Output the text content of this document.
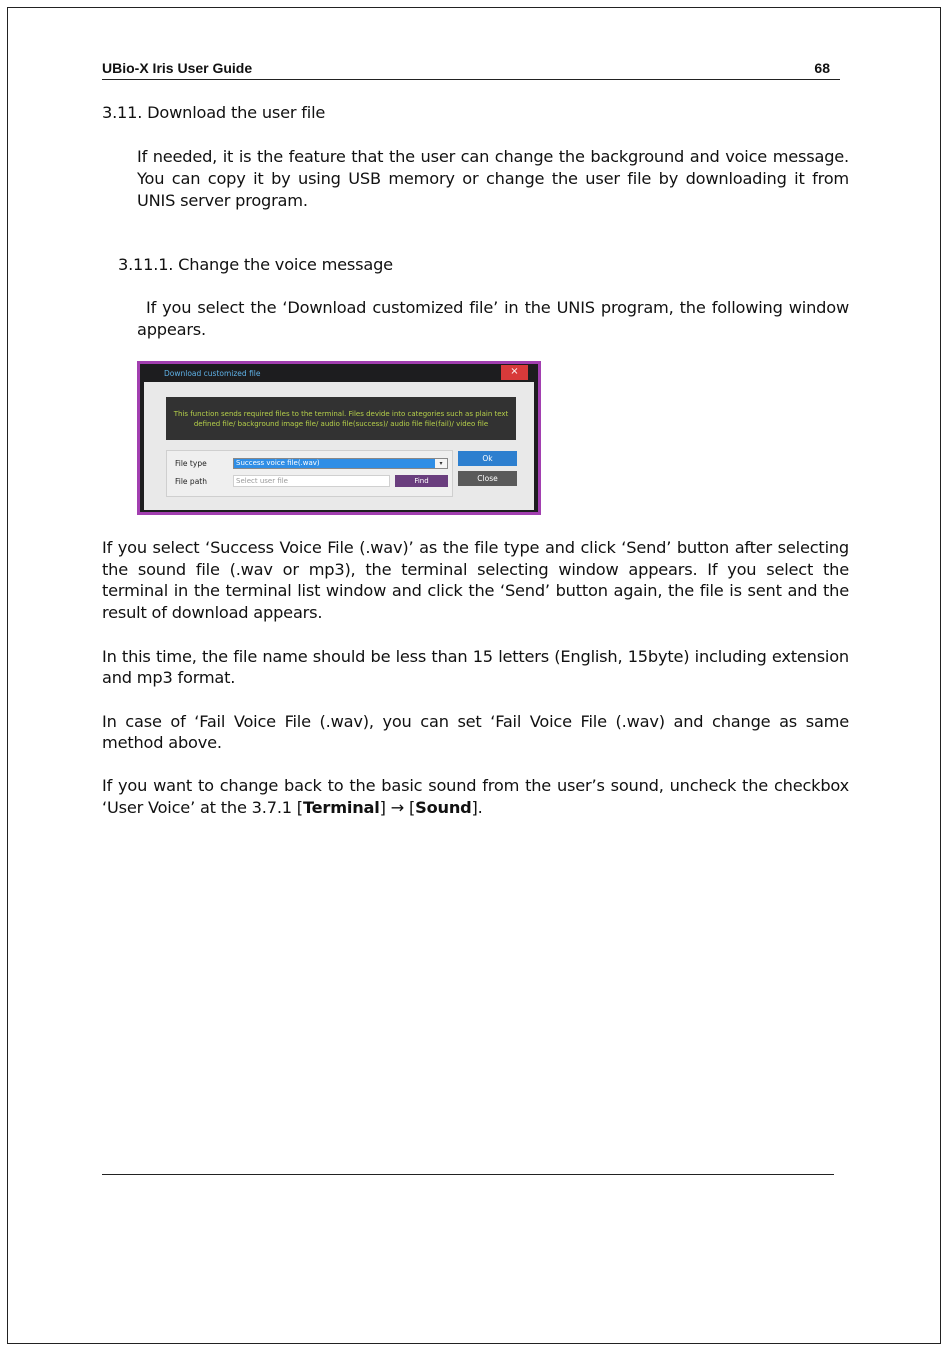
UBio-X Iris User Guide	68
3.11. Download the user file
If needed, it is the feature that the user can change the background and voice message.
You can copy it by using USB memory or change the user file by downloading it from
UNIS server program.
3.11.1. Change the voice message
If you select the ‘Download customized file’ in the UNIS program, the following window
appears.
Download customized file	×
This function sends required files to the terminal. Files devide into categories such as plain text
defined file/ background image file/ audio file(success)/ audio file file(fail)/ video file
File type	Success voice file(.wav)	▾
File path	Select user file	Find
Ok
Close
If you select ‘Success Voice File (.wav)’ as the file type and click ‘Send’ button after selecting
the sound file (.wav or mp3), the terminal selecting window appears. If you select the
terminal in the terminal list window and click the ‘Send’ button again, the file is sent and the
result of download appears.
In this time, the file name should be less than 15 letters (English, 15byte) including extension
and mp3 format.
In case of ‘Fail Voice File (.wav), you can set ‘Fail Voice File (.wav) and change as same
method above.
If you want to change back to the basic sound from the user’s sound, uncheck the checkbox
‘User Voice’ at the 3.7.1 [Terminal] → [Sound].
